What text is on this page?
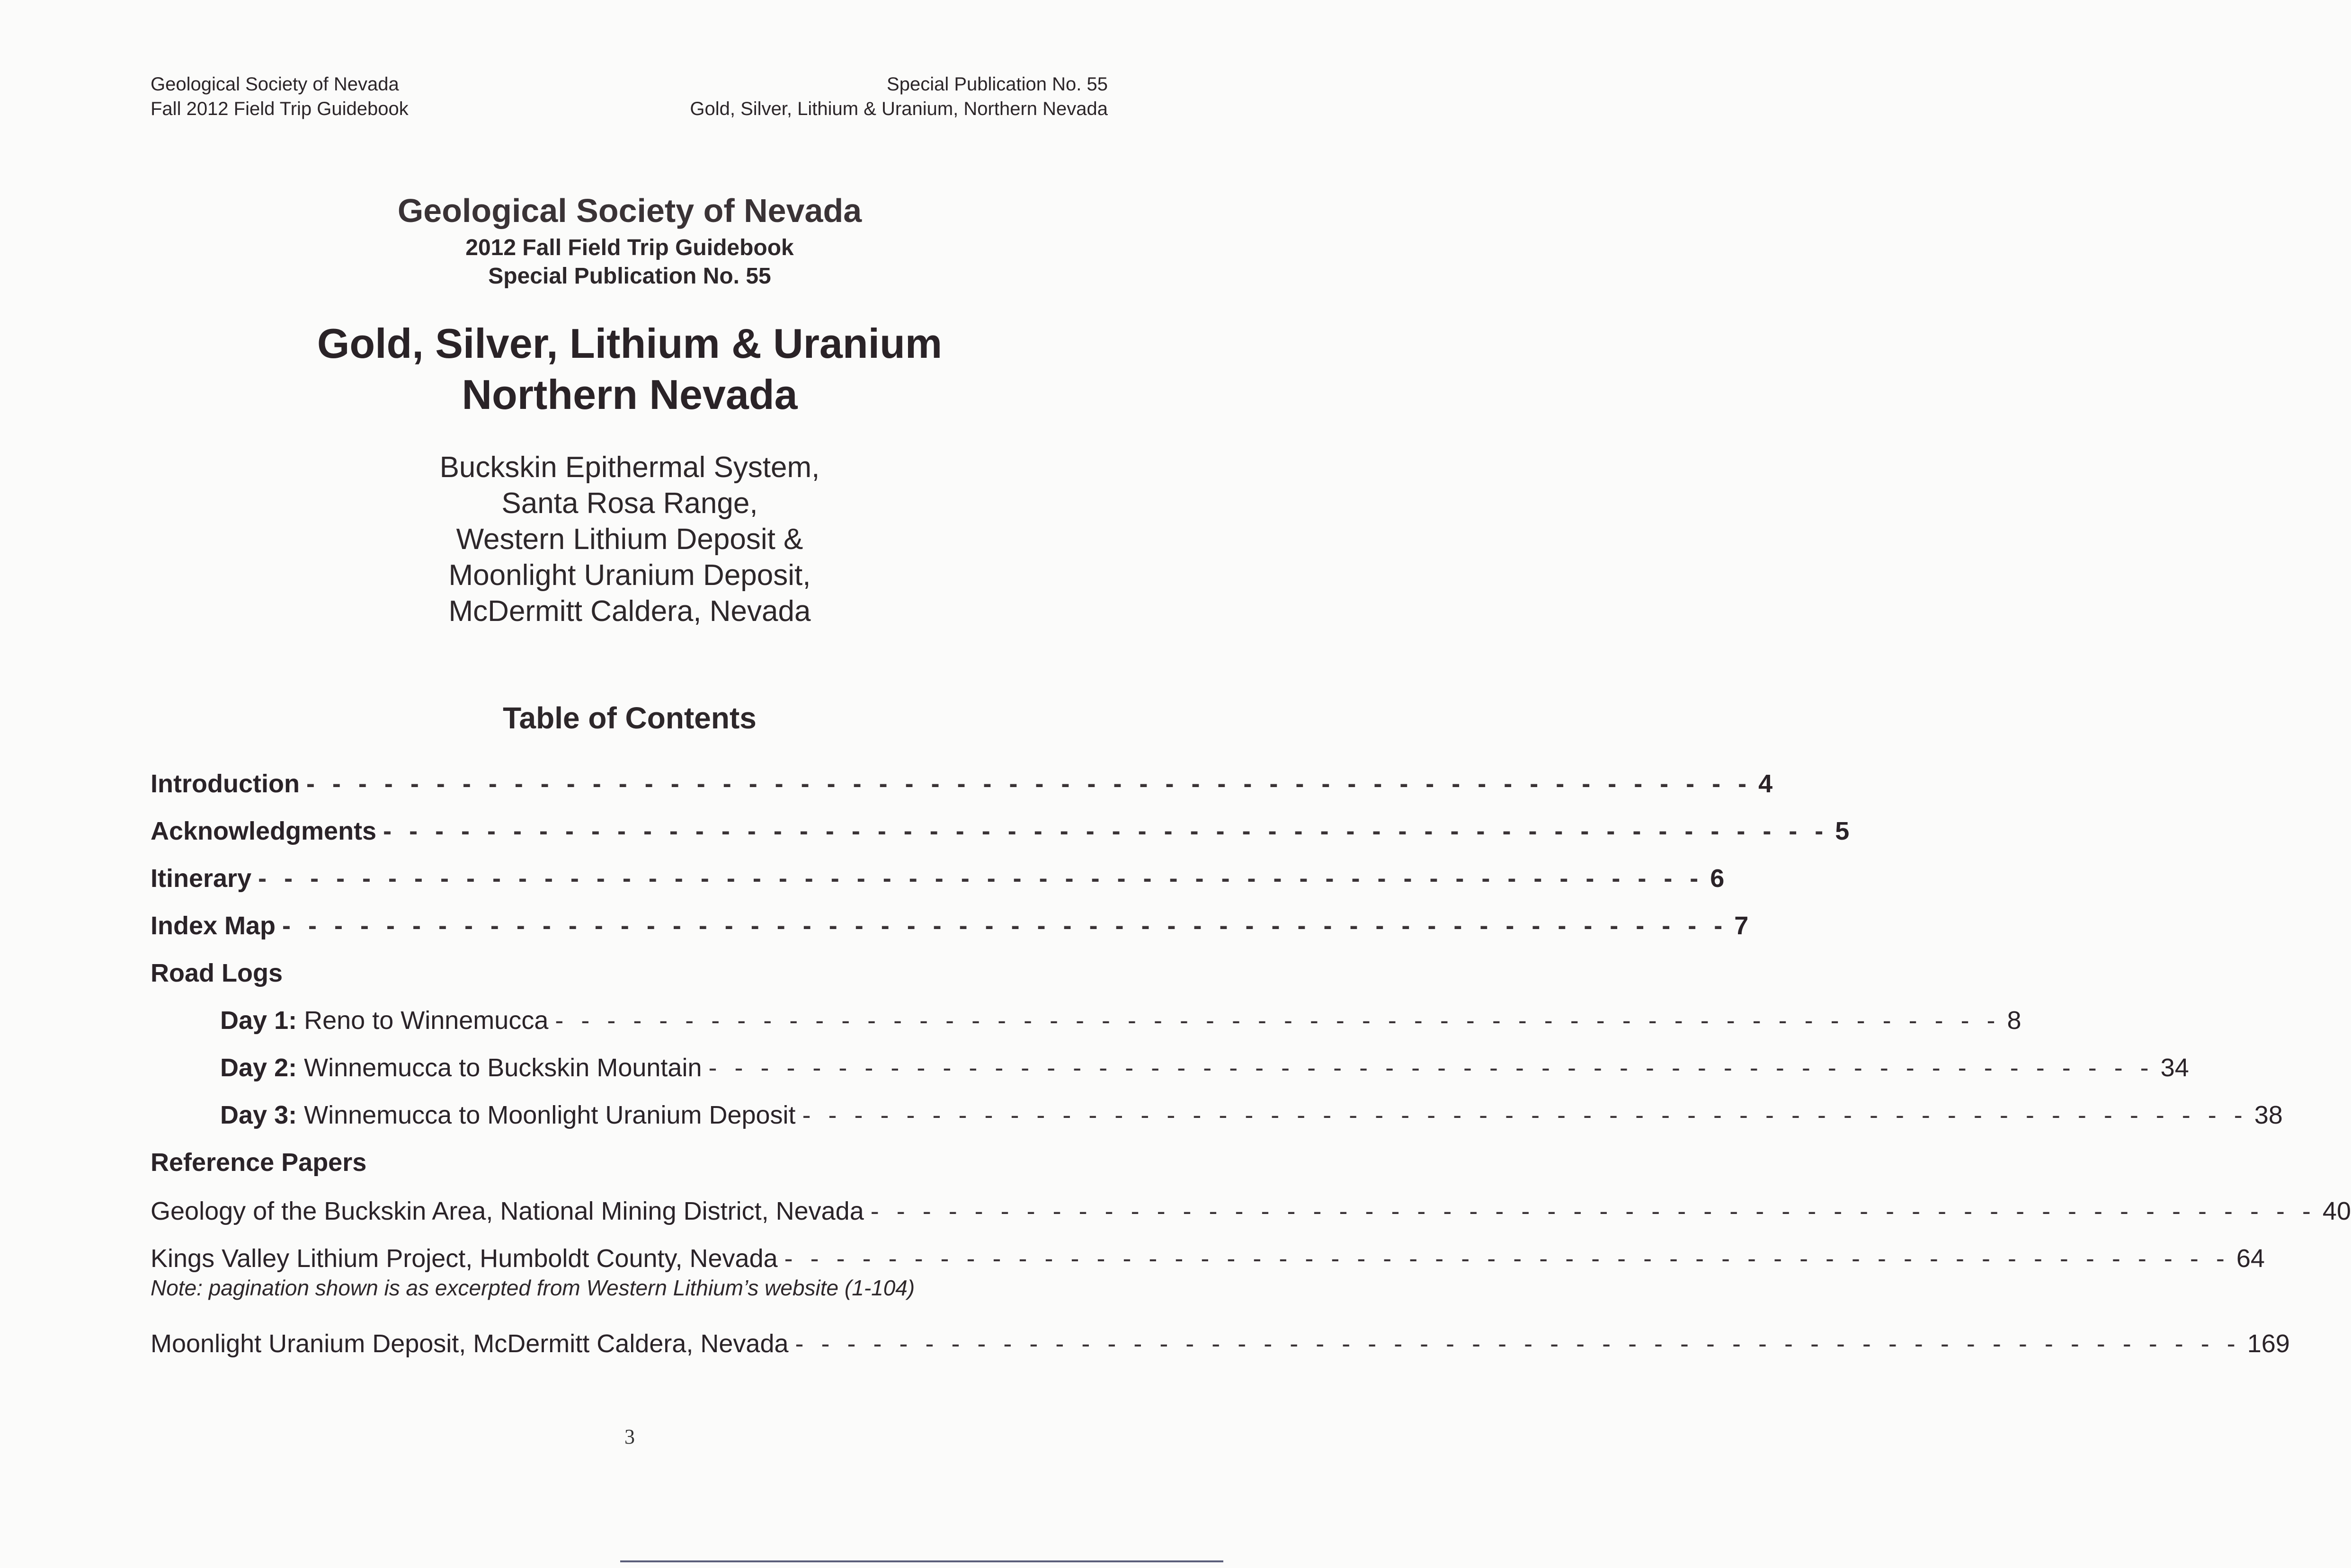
Geological Society of Nevada
Fall 2012 Field Trip Guidebook
Special Publication No. 55
Gold, Silver, Lithium & Uranium, Northern Nevada
Geological Society of Nevada
2012 Fall Field Trip Guidebook
Special Publication No. 55
Gold, Silver, Lithium & Uranium
Northern Nevada
Buckskin Epithermal System,
Santa Rosa Range,
Western Lithium Deposit &
Moonlight Uranium Deposit,
McDermitt Caldera, Nevada
Table of Contents
Introduction - - - - - - - - - - - - - - - - - - - - - - - - - - - - - - - - - - - - - - - - - - - - - - - - - - - - - - - - 4
Acknowledgments - - - - - - - - - - - - - - - - - - - - - - - - - - - - - - - - - - - - - - - - - - - - - - - - - - - - - - - - 5
Itinerary - - - - - - - - - - - - - - - - - - - - - - - - - - - - - - - - - - - - - - - - - - - - - - - - - - - - - - - - 6
Index Map - - - - - - - - - - - - - - - - - - - - - - - - - - - - - - - - - - - - - - - - - - - - - - - - - - - - - - - - 7
Road Logs
Day 1: Reno to Winnemucca - - - - - - - - - - - - - - - - - - - - - - - - - - - - - - - - - - - - - - - - - - - - - - - - - - - - - - - - 8
Day 2: Winnemucca to Buckskin Mountain - - - - - - - - - - - - - - - - - - - - - - - - - - - - - - - - - - - - - - - - - - - - - - - - - - - - - - - - 34
Day 3: Winnemucca to Moonlight Uranium Deposit - - - - - - - - - - - - - - - - - - - - - - - - - - - - - - - - - - - - - - - - - - - - - - - - - - - - - - - - 38
Reference Papers
Geology of the Buckskin Area, National Mining District, Nevada - - - - - - - - - - - - - - - - - - - - - - - - - - - - - - - - - - - - - - - - - - - - - - - - - - - - - - - - 40
Kings Valley Lithium Project, Humboldt County, Nevada - - - - - - - - - - - - - - - - - - - - - - - - - - - - - - - - - - - - - - - - - - - - - - - - - - - - - - - - 64
Note: pagination shown is as excerpted from Western Lithium’s website (1-104)
Moonlight Uranium Deposit, McDermitt Caldera, Nevada - - - - - - - - - - - - - - - - - - - - - - - - - - - - - - - - - - - - - - - - - - - - - - - - - - - - - - - - 169
3
